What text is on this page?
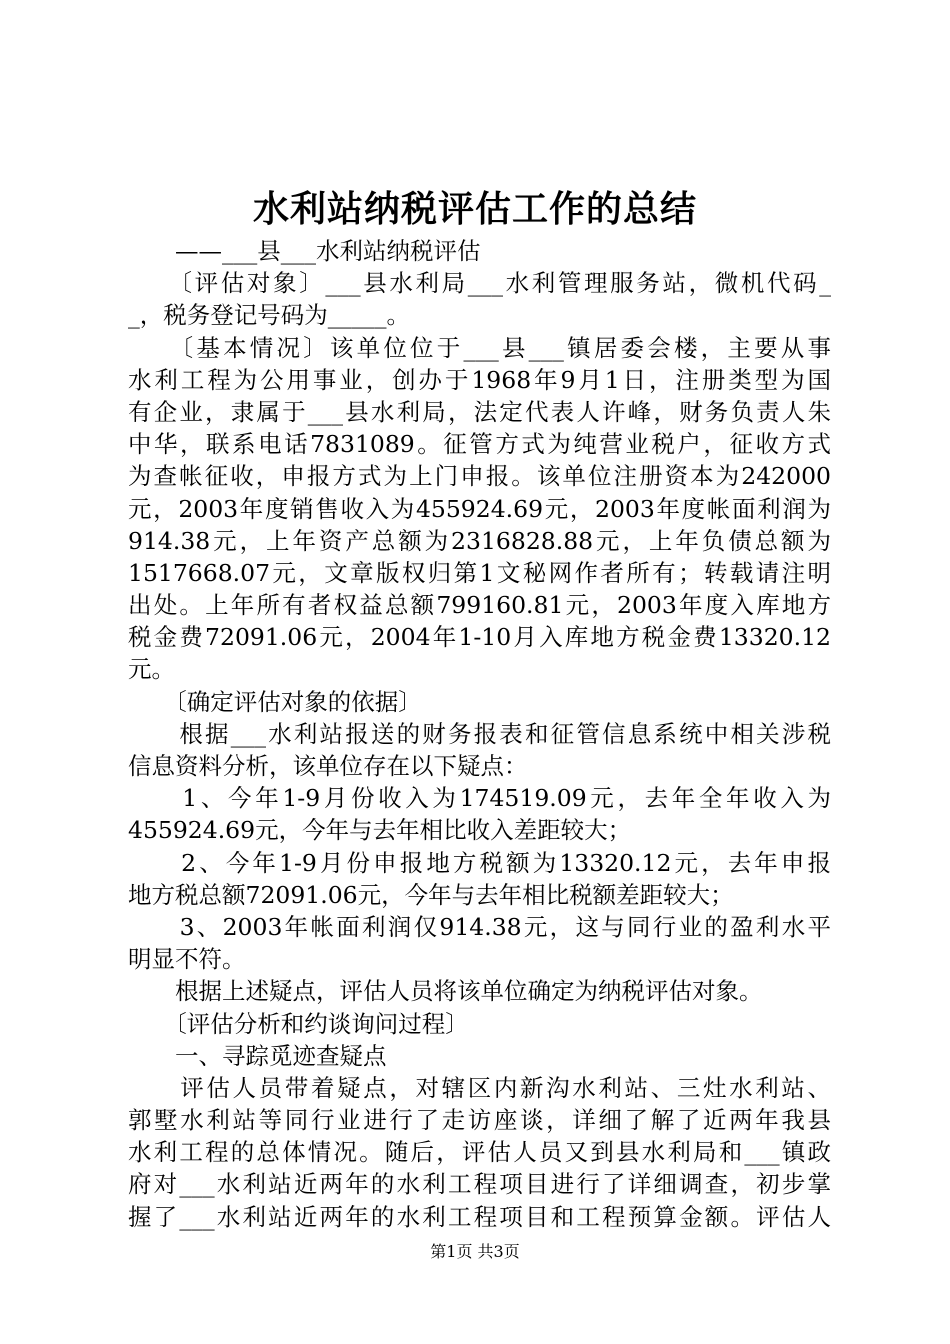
水利站纳税评估工作的总结
　　——___县___水利站纳税评估
　　〔评估对象〕___县水利局___水利管理服务站，微机代码_
_，税务登记号码为_____。
　　〔基本情况〕该单位位于___县___镇居委会楼，主要从事
水利工程为公用事业，创办于1968年9月1日，注册类型为国
有企业，隶属于___县水利局，法定代表人许峰，财务负责人朱
中华，联系电话7831089。征管方式为纯营业税户，征收方式
为查帐征收，申报方式为上门申报。该单位注册资本为242000
元，2003年度销售收入为455924.69元，2003年度帐面利润为
914.38元，上年资产总额为2316828.88元，上年负债总额为
1517668.07元，文章版权归第1文秘网作者所有；转载请注明
出处。上年所有者权益总额799160.81元，2003年度入库地方
税金费72091.06元，2004年1-10月入库地方税金费13320.12
元。
　　〔确定评估对象的依据〕
　　根据___水利站报送的财务报表和征管信息系统中相关涉税
信息资料分析，该单位存在以下疑点：
　　1、今年1-9月份收入为174519.09元，去年全年收入为
455924.69元，今年与去年相比收入差距较大；
　　2、今年1-9月份申报地方税额为13320.12元，去年申报
地方税总额72091.06元，今年与去年相比税额差距较大；
　　3、2003年帐面利润仅914.38元，这与同行业的盈利水平
明显不符。
　　根据上述疑点，评估人员将该单位确定为纳税评估对象。
　　〔评估分析和约谈询问过程〕
　　一、寻踪觅迹查疑点
　　评估人员带着疑点，对辖区内新沟水利站、三灶水利站、
郭墅水利站等同行业进行了走访座谈，详细了解了近两年我县
水利工程的总体情况。随后，评估人员又到县水利局和___镇政
府对___水利站近两年的水利工程项目进行了详细调查，初步掌
握了___水利站近两年的水利工程项目和工程预算金额。评估人
第1页 共3页
